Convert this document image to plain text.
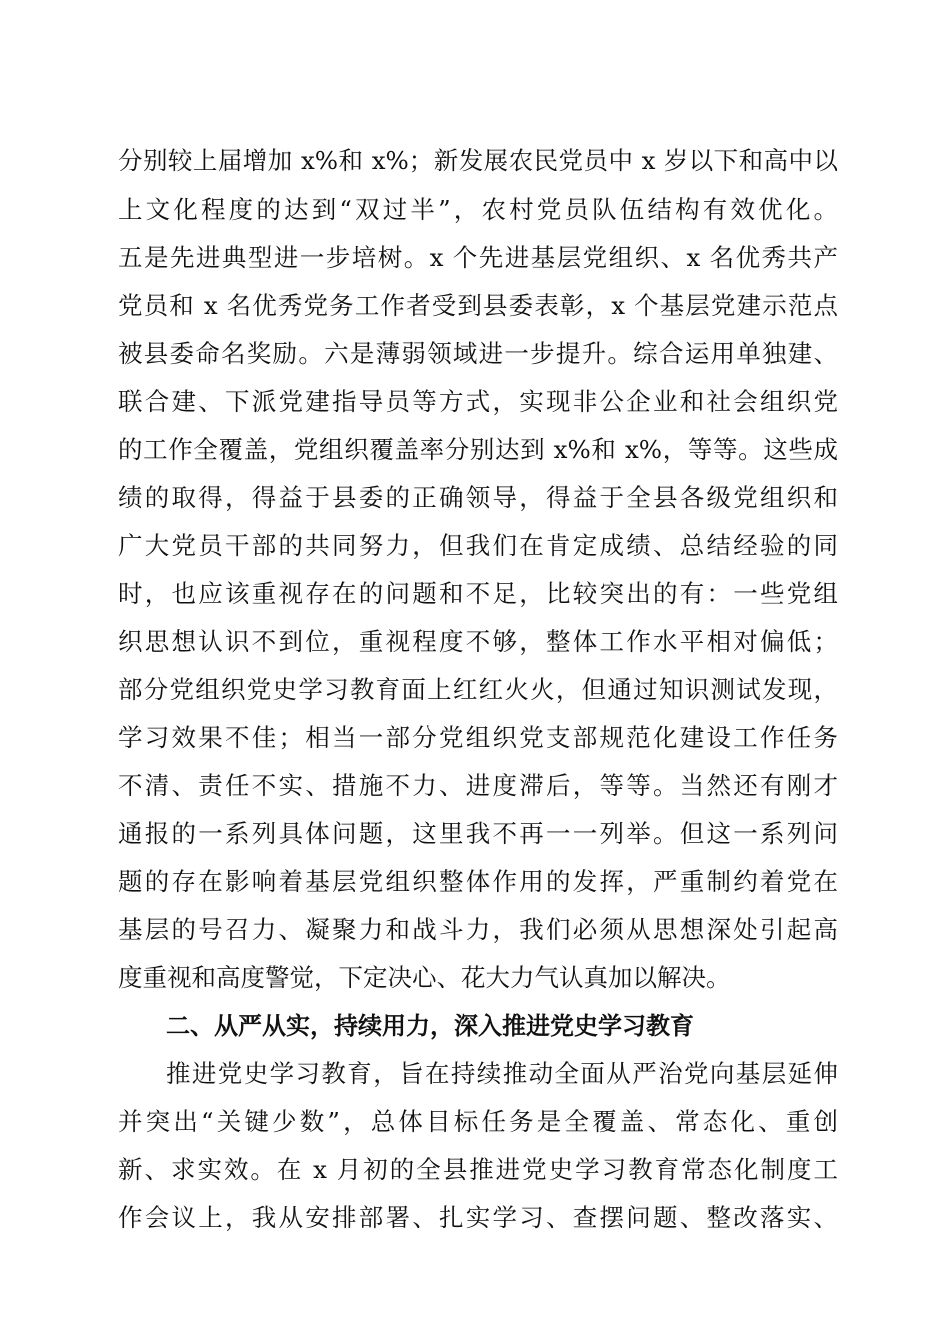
分别较上届增加 x%和 x%；新发展农民党员中 x 岁以下和高中以
上文化程度的达到“双过半”，农村党员队伍结构有效优化。
五是先进典型进一步培树。x 个先进基层党组织、x 名优秀共产
党员和 x 名优秀党务工作者受到县委表彰，x 个基层党建示范点
被县委命名奖励。六是薄弱领域进一步提升。综合运用单独建、
联合建、下派党建指导员等方式，实现非公企业和社会组织党
的工作全覆盖，党组织覆盖率分别达到 x%和 x%，等等。这些成
绩的取得，得益于县委的正确领导，得益于全县各级党组织和
广大党员干部的共同努力，但我们在肯定成绩、总结经验的同
时，也应该重视存在的问题和不足，比较突出的有：一些党组
织思想认识不到位，重视程度不够，整体工作水平相对偏低；
部分党组织党史学习教育面上红红火火，但通过知识测试发现，
学习效果不佳；相当一部分党组织党支部规范化建设工作任务
不清、责任不实、措施不力、进度滞后，等等。当然还有刚才
通报的一系列具体问题，这里我不再一一列举。但这一系列问
题的存在影响着基层党组织整体作用的发挥，严重制约着党在
基层的号召力、凝聚力和战斗力，我们必须从思想深处引起高
度重视和高度警觉，下定决心、花大力气认真加以解决。
二、从严从实，持续用力，深入推进党史学习教育
推进党史学习教育，旨在持续推动全面从严治党向基层延伸
并突出“关键少数”，总体目标任务是全覆盖、常态化、重创
新、求实效。在 x 月初的全县推进党史学习教育常态化制度工
作会议上，我从安排部署、扎实学习、查摆问题、整改落实、
